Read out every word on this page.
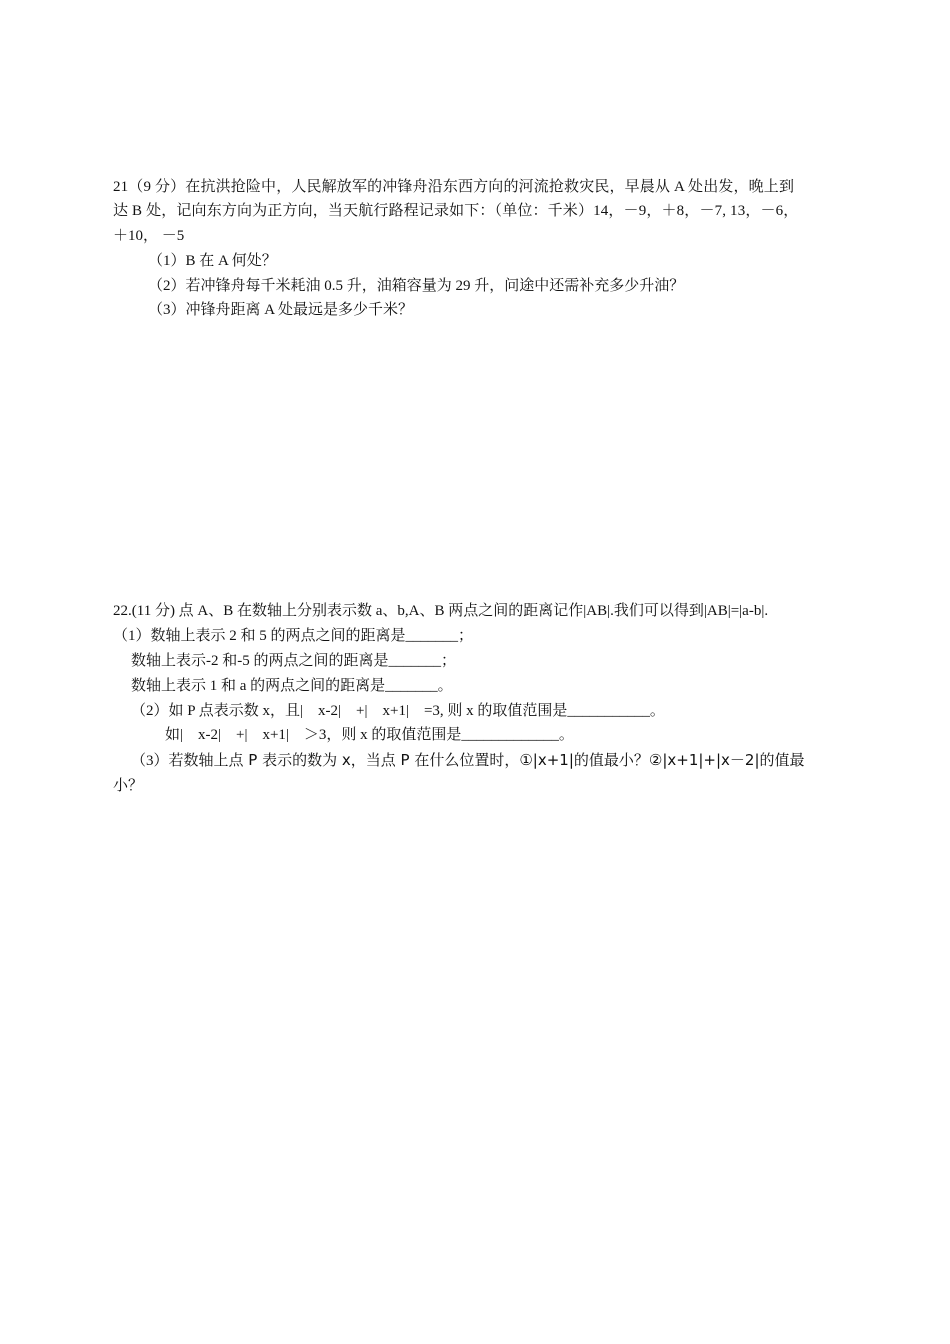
21（9 分）在抗洪抢险中，人民解放军的冲锋舟沿东西方向的河流抢救灾民，早晨从 A 处出发，晚上到
达 B 处，记向东方向为正方向，当天航行路程记录如下：（单位：千米）14，－9，＋8，－7, 13，－6，
＋10， －5
（1）B 在 A 何处？
（2）若冲锋舟每千米耗油 0.5 升，油箱容量为 29 升，问途中还需补充多少升油？
（3）冲锋舟距离 A 处最远是多少千米？
22.(11 分) 点 A、B 在数轴上分别表示数 a、b,A、B 两点之间的距离记作|AB|.我们可以得到|AB|=|a-b|.
（1）数轴上表示 2 和 5 的两点之间的距离是_______；
数轴上表示-2 和-5 的两点之间的距离是_______；
数轴上表示 1 和 a 的两点之间的距离是_______。
（2）如 P 点表示数 x，且|　x-2|　+|　x+1|　=3, 则 x 的取值范围是___________。
如|　x-2|　+|　x+1|　＞3，则 x 的取值范围是_____________。
（3）若数轴上点 P 表示的数为 x，当点 P 在什么位置时，①|x+1|的值最小？②|x+1|+|x－2|的值最
小？
